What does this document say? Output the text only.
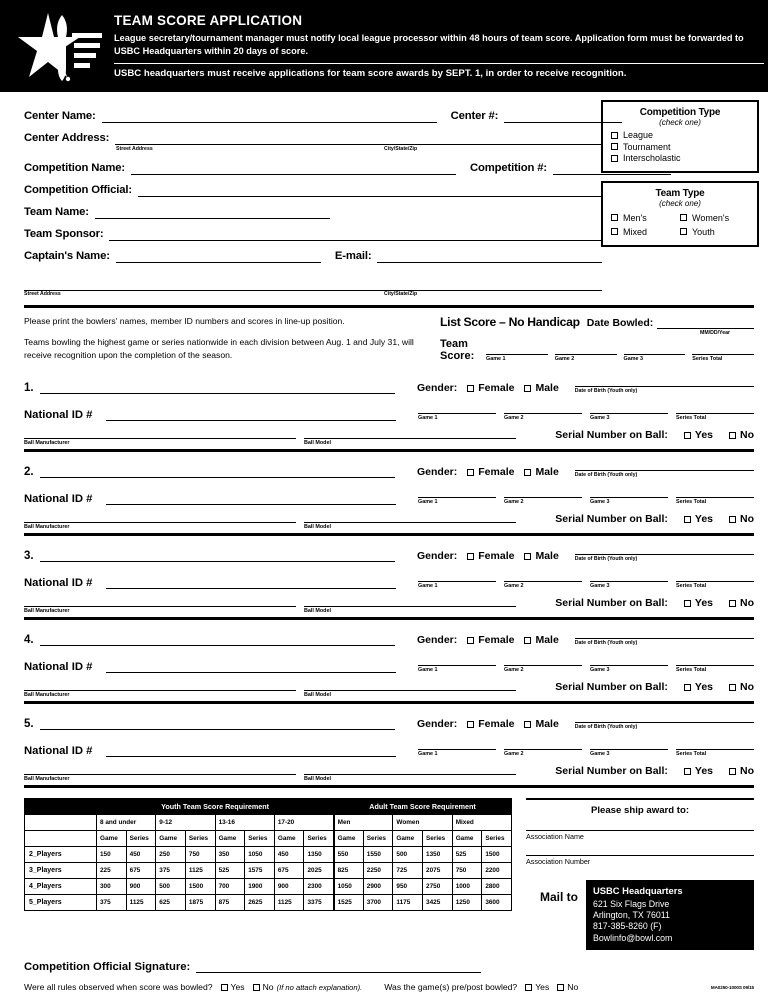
TEAM SCORE APPLICATION
League secretary/tournament manager must notify local league processor within 48 hours of team score. Application form must be forwarded to USBC Headquarters within 20 days of score.
USBC headquarters must receive applications for team score awards by SEPT. 1, in order to receive recognition.
Center Name:	Center #:
Center Address:
Street Address	City/State/Zip
Competition Name:	Competition #:
Competition Official:
Team Name:
Team Sponsor:
Captain's Name:	E-mail:
Street Address	City/State/Zip
Competition Type
(check one)
League
Tournament
Interscholastic
Team Type
(check one)
Men's	Women's
Mixed	Youth

Please print the bowlers' names, member ID numbers and scores in line-up position.

Teams bowling the highest game or series nationwide in each division between Aug. 1 and July 31, will receive recognition upon the completion of the season.

List Score – No Handicap Date Bowled:
MM/DD/Year
Team
Score:	Game 1	Game 2	Game 3	Series Total
1.	Gender: Female Male	Date of Birth (Youth only)
National ID #	Game 1	Game 2	Game 3	Series Total
Ball Manufacturer	Ball Model
Serial Number on Ball:	Yes	No
2.	Gender: Female Male	Date of Birth (Youth only)
National ID #	Game 1	Game 2	Game 3	Series Total
Ball Manufacturer	Ball Model
Serial Number on Ball:	Yes	No
3.	Gender: Female Male	Date of Birth (Youth only)
National ID #	Game 1	Game 2	Game 3	Series Total
Ball Manufacturer	Ball Model
Serial Number on Ball:	Yes	No
4.	Gender: Female Male	Date of Birth (Youth only)
National ID #	Game 1	Game 2	Game 3	Series Total
Ball Manufacturer	Ball Model
Serial Number on Ball:	Yes	No
5.	Gender: Female Male	Date of Birth (Youth only)
National ID #	Game 1	Game 2	Game 3	Series Total
Ball Manufacturer	Ball Model
Serial Number on Ball:	Yes	No
	Youth Team Score Requirement								Adult Team Score Requirement					
	8 and under		9-12		13-16		17-20		Men		Women		Mixed	
	Game	Series	Game	Series	Game	Series	Game	Series	Game	Series	Game	Series	Game	Series
2_Players	150	450	250	750	350	1050	450	1350	550	1550	500	1350	525	1500
3_Players	225	675	375	1125	525	1575	675	2025	825	2250	725	2075	750	2200
4_Players	300	900	500	1500	700	1900	900	2300	1050	2900	950	2750	1000	2800
5_Players	375	1125	625	1875	875	2625	1125	3375	1525	3700	1175	3425	1250	3600
Please ship award to:
Association Name
Association Number
Mail to	USBC Headquarters
621 Six Flags Drive
Arlington, TX 76011
817-385-8260 (F)
Bowlinfo@bowl.com
Competition Official Signature:
Were all rules observed when score was bowled? Yes No (If no attach explanation).	Was the game(s) pre/post bowled? Yes No	MA0250-1000S 09/15
